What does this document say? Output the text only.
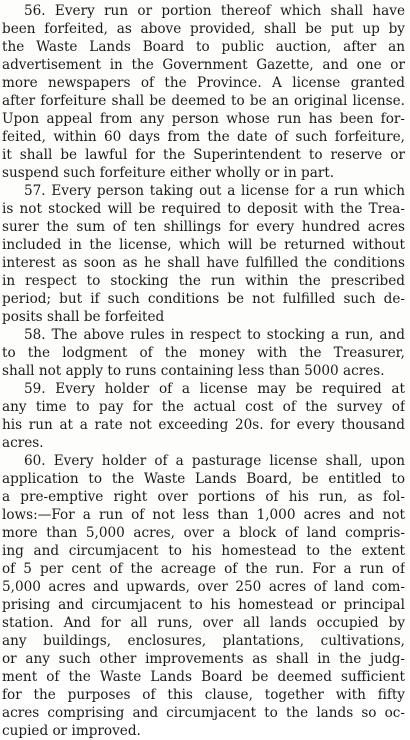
56. Every run or portion thereof which shall have
been forfeited, as above provided, shall be put up by
the Waste Lands Board to public auction, after an
advertisement in the Government Gazette, and one or
more newspapers of the Province. A license granted
after forfeiture shall be deemed to be an original license.
Upon appeal from any person whose run has been for-
feited, within 60 days from the date of such forfeiture,
it shall be lawful for the Superintendent to reserve or
suspend such forfeiture either wholly or in part.
57. Every person taking out a license for a run which
is not stocked will be required to deposit with the Trea-
surer the sum of ten shillings for every hundred acres
included in the license, which will be returned without
interest as soon as he shall have fulfilled the conditions
in respect to stocking the run within the prescribed
period; but if such conditions be not fulfilled such de-
posits shall be forfeited
58. The above rules in respect to stocking a run, and
to the lodgment of the money with the Treasurer,
shall not apply to runs containing less than 5000 acres.
59. Every holder of a license may be required at
any time to pay for the actual cost of the survey of
his run at a rate not exceeding 20s. for every thousand
acres.
60. Every holder of a pasturage license shall, upon
application to the Waste Lands Board, be entitled to
a pre-emptive right over portions of his run, as fol-
lows:—For a run of not less than 1,000 acres and not
more than 5,000 acres, over a block of land compris-
ing and circumjacent to his homestead to the extent
of 5 per cent of the acreage of the run. For a run of
5,000 acres and upwards, over 250 acres of land com-
prising and circumjacent to his homestead or principal
station. And for all runs, over all lands occupied by
any buildings, enclosures, plantations, cultivations,
or any such other improvements as shall in the judg-
ment of the Waste Lands Board be deemed sufficient
for the purposes of this clause, together with fifty
acres comprising and circumjacent to the lands so oc-
cupied or improved.
